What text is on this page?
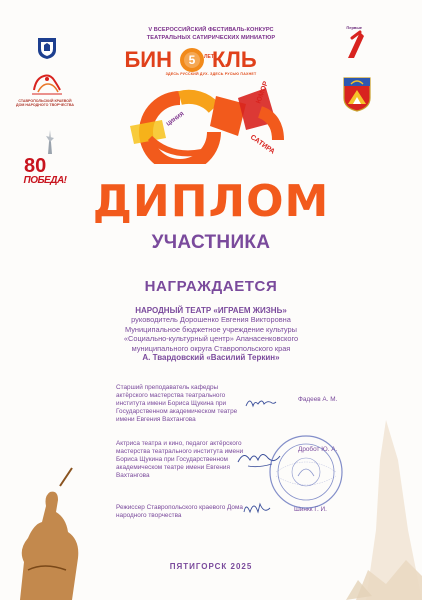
СТАВРОПОЛЬСКИЙ КРАЕВОЙ ДОМ НАРОДНОГО ТВОРЧЕСТВА
80
ПОБЕДА!
Первые
V ВСЕРОССИЙСКИЙ ФЕСТИВАЛЬ-КОНКУРС
ТЕАТРАЛЬНЫХ САТИРИЧЕСКИХ МИНИАТЮР
БИН 5 ЛЕТ
КЛЬ
ЗДЕСЬ РУССКИЙ ДУХ. ЗДЕСЬ РУСЬЮ ПАХНЕТ
ЮМОР
ЦИНИЯ
САТИРА
ДИПЛОМ
УЧАСТНИКА
НАГРАЖДАЕТСЯ
НАРОДНЫЙ ТЕАТР «ИГРАЕМ ЖИЗНЬ»
руководитель Дорошенко Евгения Викторовна
Муниципальное бюджетное учреждение культуры
«Социально-культурный центр» Апанасенковского
муниципального округа Ставропольского края
А. Твардовский «Василий Теркин»
Старший преподаватель кафедры актёрского мастерства театрального института имени Бориса Щукина при Государственном академическом театре имени Евгения Вахтангова
Фадеев А. М.
Актриса театра и кино, педагог актёрского мастерства театрального института имени Бориса Щукина при Государственном академическом театре имени Евгения Вахтангова
Дробот Ю. А.
Режиссер Ставропольского краевого Дома народного творчества
Шинкк Г. И.
ПЯТИГОРСК 2025
